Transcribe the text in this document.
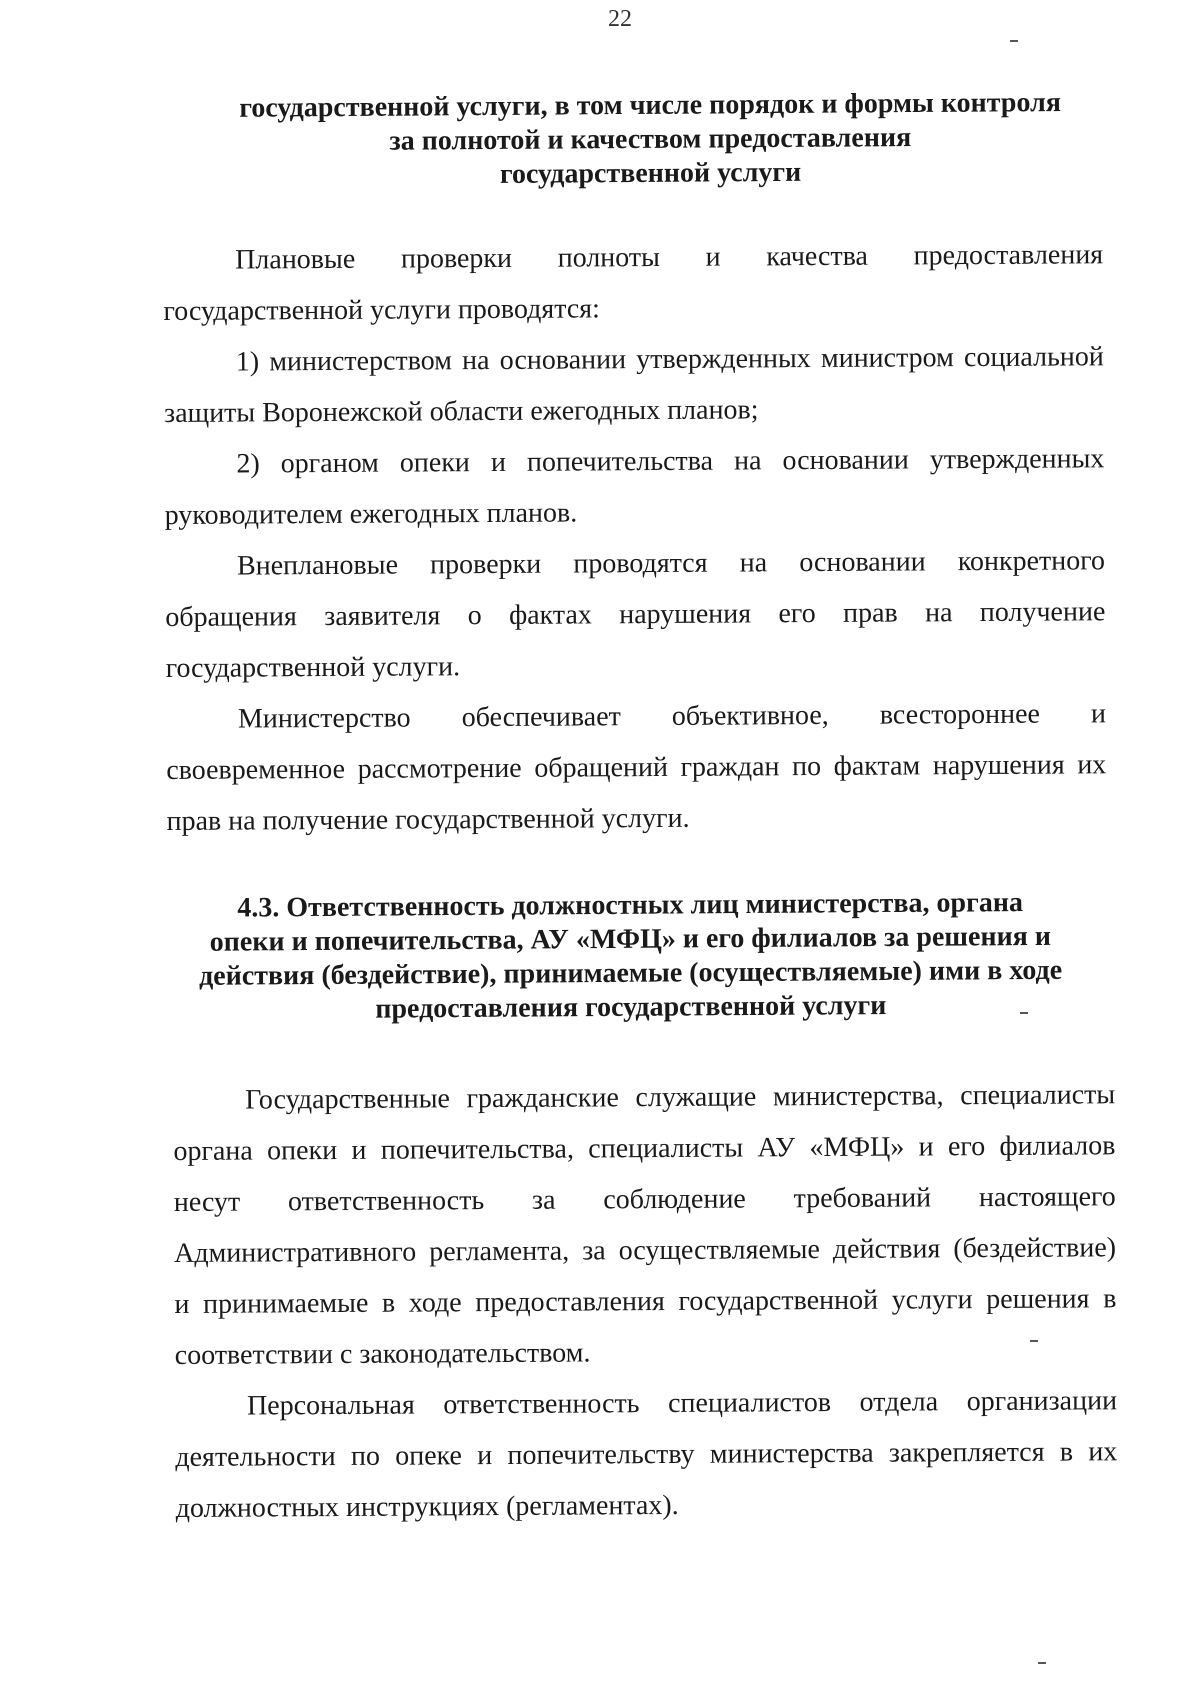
22
государственной услуги, в том числе порядок и формы контроля
за полнотой и качеством предоставления
государственной услуги
Плановые проверки полноты и качества предоставления
государственной услуги проводятся:
1) министерством на основании утвержденных министром социальной
защиты Воронежской области ежегодных планов;
2) органом опеки и попечительства на основании утвержденных
руководителем ежегодных планов.
Внеплановые проверки проводятся на основании конкретного
обращения заявителя о фактах нарушения его прав на получение
государственной услуги.
Министерство обеспечивает объективное, всестороннее и
своевременное рассмотрение обращений граждан по фактам нарушения их
прав на получение государственной услуги.
4.3. Ответственность должностных лиц министерства, органа
опеки и попечительства, АУ «МФЦ» и его филиалов за решения и
действия (бездействие), принимаемые (осуществляемые) ими в ходе
предоставления государственной услуги
Государственные гражданские служащие министерства, специалисты
органа опеки и попечительства, специалисты АУ «МФЦ» и его филиалов
несут ответственность за соблюдение требований настоящего
Административного регламента, за осуществляемые действия (бездействие)
и принимаемые в ходе предоставления государственной услуги решения в
соответствии с законодательством.
Персональная ответственность специалистов отдела организации
деятельности по опеке и попечительству министерства закрепляется в их
должностных инструкциях (регламентах).
